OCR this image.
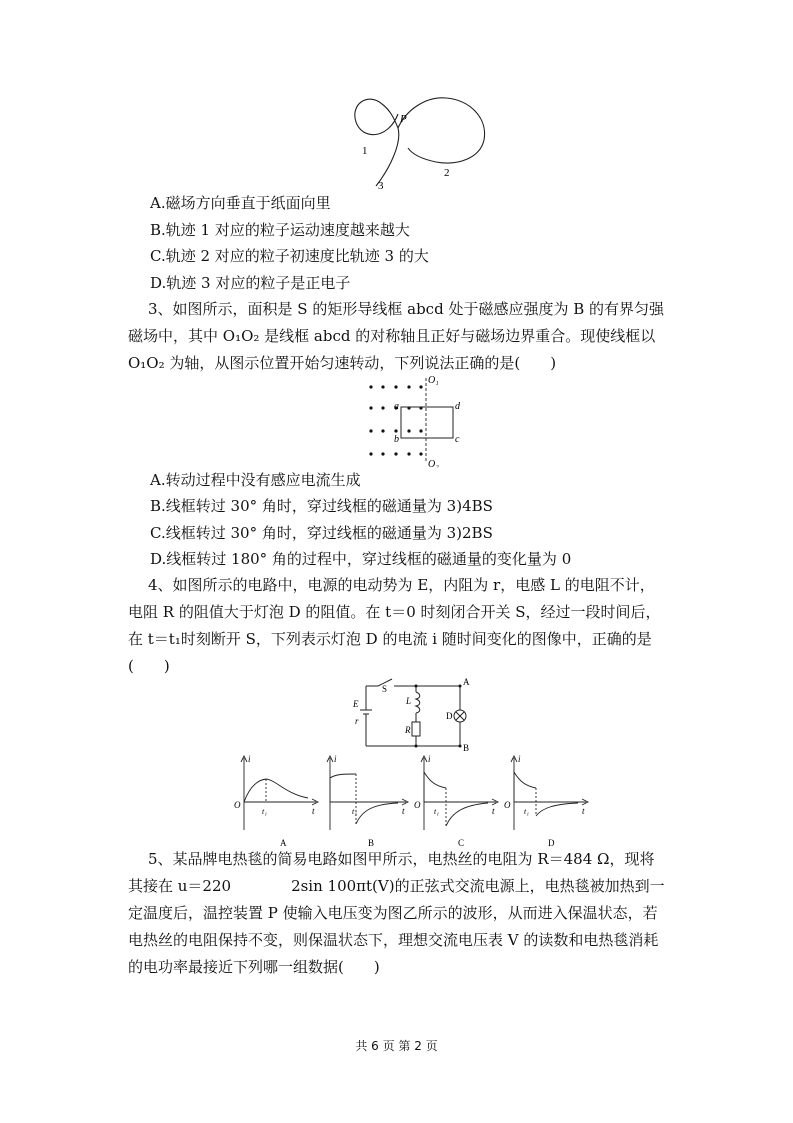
P
1
2
3
A.磁场方向垂直于纸面向里
B.轨迹 1 对应的粒子运动速度越来越大
C.轨迹 2 对应的粒子初速度比轨迹 3 的大
D.轨迹 3 对应的粒子是正电子
3、如图所示，面积是 S 的矩形导线框 abcd 处于磁感应强度为 B 的有界匀强磁场中，其中 O₁O₂ 是线框 abcd 的对称轴且正好与磁场边界重合。现使线框以 O₁O₂ 为轴，从图示位置开始匀速转动，下列说法正确的是(　　)
O₁
O₂
a
b	c
d
A.转动过程中没有感应电流生成
B.线框转过 30° 角时，穿过线框的磁通量为 3)4BS
C.线框转过 30° 角时，穿过线框的磁通量为 3)2BS
D.线框转过 180° 角的过程中，穿过线框的磁通量的变化量为 0
4、如图所示的电路中，电源的电动势为 E，内阻为 r，电感 L 的电阻不计，电阻 R 的阻值大于灯泡 D 的阻值。在 t＝0 时刻闭合开关 S，经过一段时间后，在 t＝t₁时刻断开 S，下列表示灯泡 D 的电流 i 随时间变化的图像中，正确的是(　　)
S
E
r
L
R
D
A
B
i
O
t
t₁
A
i
t
t₁
B
i
O
t
t₁
C
i
O
t
t₁
D
5、某品牌电热毯的简易电路如图甲所示，电热丝的电阻为 R＝484 Ω，现将其接在 u＝220	2sin 100πt(V)的正弦式交流电源上，电热毯被加热到一定温度后，温控装置 P 使输入电压变为图乙所示的波形，从而进入保温状态，若电热丝的电阻保持不变，则保温状态下，理想交流电压表 V 的读数和电热毯消耗的电功率最接近下列哪一组数据(　　)
共 6 页 第 2 页
